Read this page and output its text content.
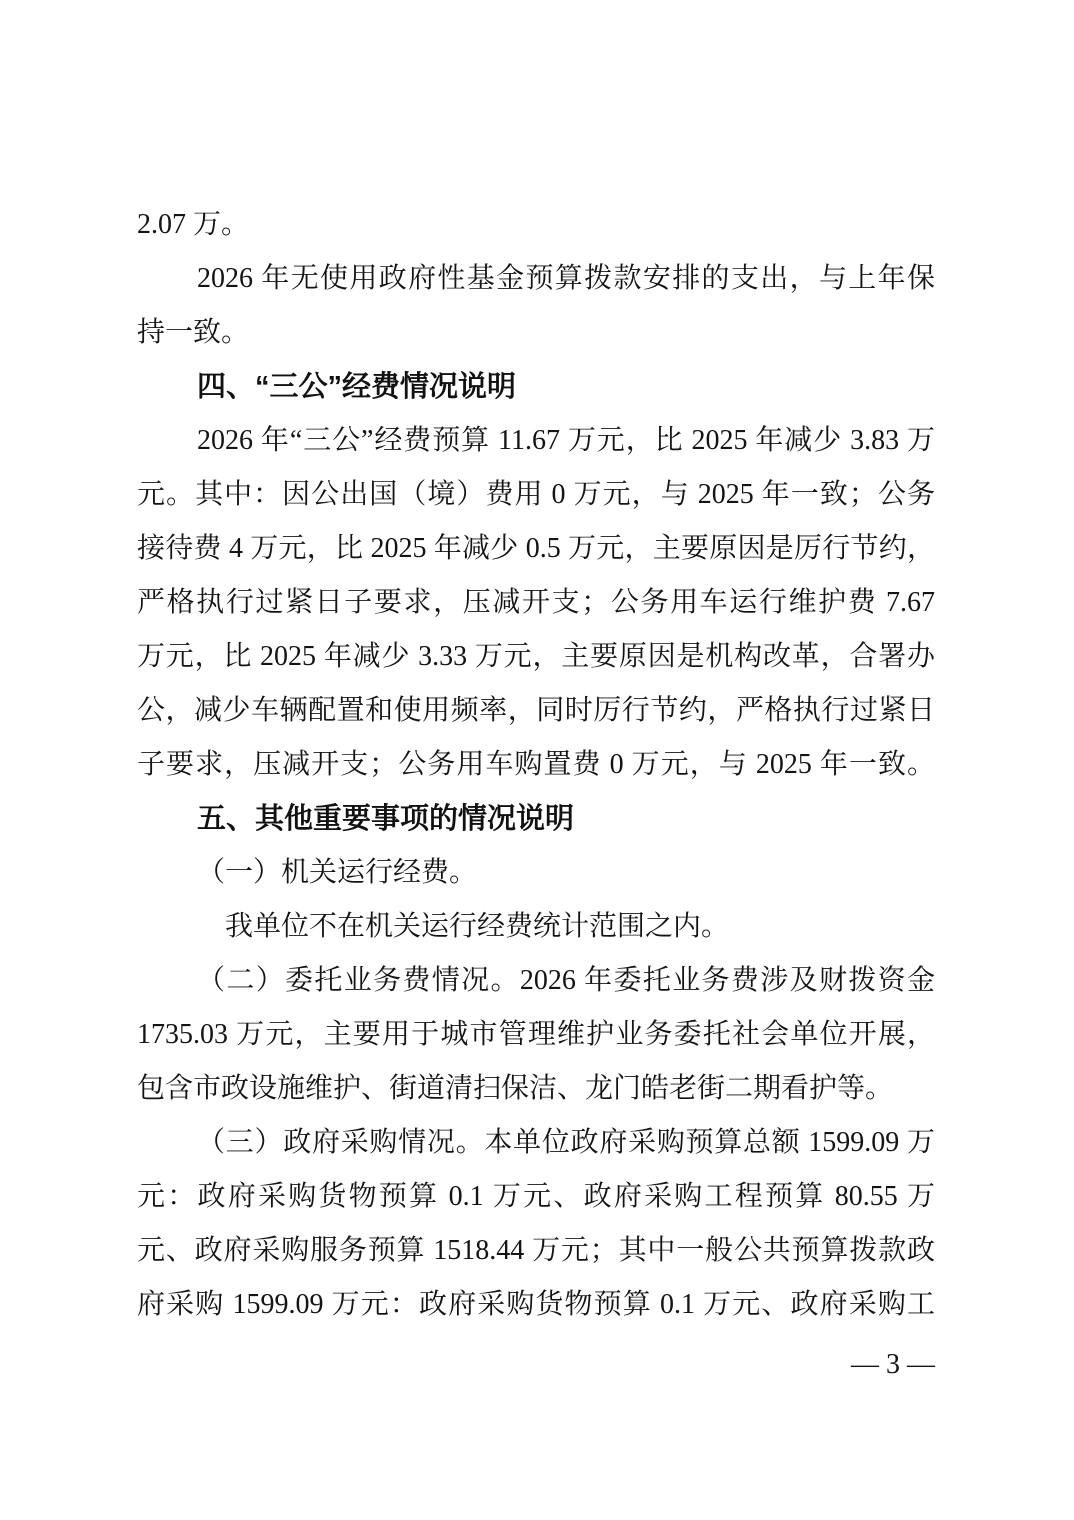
2.07 万。
2026 年无使用政府性基金预算拨款安排的支出，与上年保
持一致。
四、“三公”经费情况说明
2026 年“三公”经费预算 11.67 万元，比 2025 年减少 3.83 万
元。其中：因公出国（境）费用 0 万元，与 2025 年一致；公务
接待费 4 万元，比 2025 年减少 0.5 万元，主要原因是厉行节约，
严格执行过紧日子要求，压减开支；公务用车运行维护费 7.67
万元，比 2025 年减少 3.33 万元，主要原因是机构改革，合署办
公，减少车辆配置和使用频率，同时厉行节约，严格执行过紧日
子要求，压减开支；公务用车购置费 0 万元，与 2025 年一致。
五、其他重要事项的情况说明
（一）机关运行经费。
我单位不在机关运行经费统计范围之内。
（二）委托业务费情况。2026 年委托业务费涉及财拨资金
1735.03 万元，主要用于城市管理维护业务委托社会单位开展，
包含市政设施维护、街道清扫保洁、龙门皓老街二期看护等。
（三）政府采购情况。本单位政府采购预算总额 1599.09 万
元：政府采购货物预算 0.1 万元、政府采购工程预算 80.55 万
元、政府采购服务预算 1518.44 万元；其中一般公共预算拨款政
府采购 1599.09 万元：政府采购货物预算 0.1 万元、政府采购工
— 3 —
